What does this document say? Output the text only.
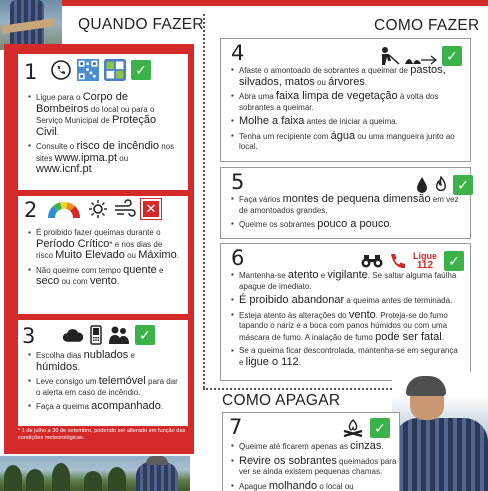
QUANDO FAZER
1	✓
▪ Ligue para o Corpo de Bombeiros do local ou para o Serviço Municipal de Proteção Civil.
▪ Consulte o risco de incêndio nos sites www.ipma.pt ou www.icnf.pt
2	✕
▪ É proibido fazer queimas durante o Período Crítico* e nos dias de risco Muito Elevado ou Máximo.
▪ Não queime com tempo quente e seco ou com vento.
3	✓
▪ Escolha dias nublados e húmidos.
▪ Leve consigo um telemóvel para dar o alerta em caso de incêndio.
▪ Faça a queima acompanhado.
* 1 de julho a 30 de setembro, podendo ser alterado em função das condições meteorológicas.
COMO FAZER
4	✓
▪ Afaste o amontoado de sobrantes a queimar de pastos, silvados, matos ou árvores.
▪ Abra uma faixa limpa de vegetação à volta dos sobrantes a queimar.
▪ Molhe a faixa antes de iniciar a queima.
▪ Tenha um recipiente com água ou uma mangueira junto ao local.
5	✓
▪ Faça vários montes de pequena dimensão em vez de amontoados grandes.
▪ Queime os sobrantes pouco a pouco.
6	Ligue
112 ✓
▪ Mantenha-se atento e vigilante. Se saltar alguma faúlha apague de imediato.
▪ É proibido abandonar a queima antes de terminada.
▪ Esteja atento às alterações do vento. Proteja-se do fumo tapando o nariz e a boca com panos húmidos ou com uma máscara de fumo. A inalação de fumo pode ser fatal.
▪ Se a queima ficar descontrolada, mantenha-se em segurança e ligue o 112.
COMO APAGAR
7	✓
▪ Queime até ficarem apenas as cinzas.
▪ Revire os sobrantes queimados para ver se ainda existem pequenas chamas.
▪ Apague molhando o local ou
